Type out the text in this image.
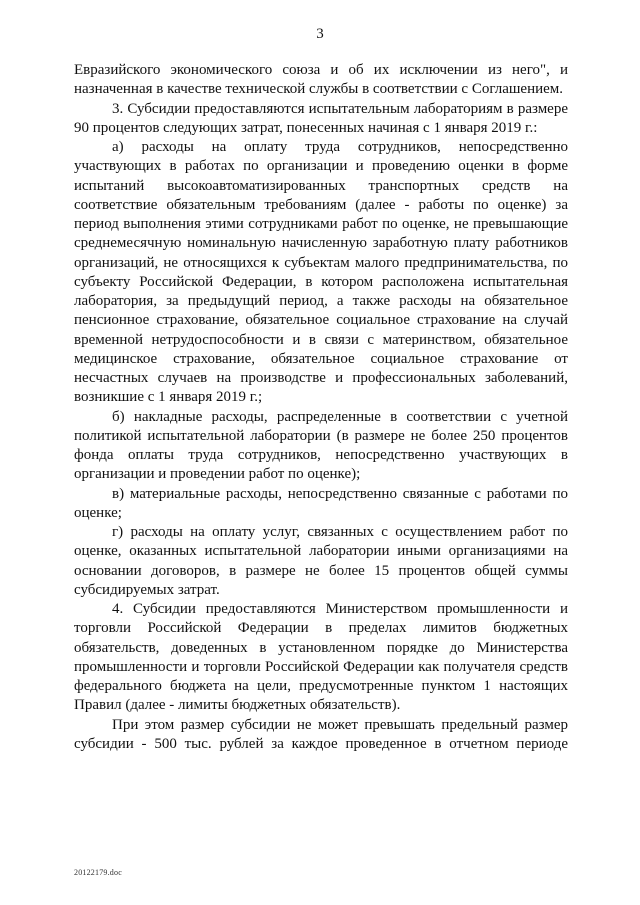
3

Евразийского экономического союза и об их исключении из него", и назначенная в качестве технической службы в соответствии с Соглашением.

3. Субсидии предоставляются испытательным лабораториям в размере 90 процентов следующих затрат, понесенных начиная с 1 января 2019 г.:

а) расходы на оплату труда сотрудников, непосредственно участвующих в работах по организации и проведению оценки в форме испытаний высокоавтоматизированных транспортных средств на соответствие обязательным требованиям (далее - работы по оценке) за период выполнения этими сотрудниками работ по оценке, не превышающие среднемесячную номинальную начисленную заработную плату работников организаций, не относящихся к субъектам малого предпринимательства, по субъекту Российской Федерации, в котором расположена испытательная лаборатория, за предыдущий период, а также расходы на обязательное пенсионное страхование, обязательное социальное страхование на случай временной нетрудоспособности и в связи с материнством, обязательное медицинское страхование, обязательное социальное страхование от несчастных случаев на производстве и профессиональных заболеваний, возникшие с 1 января 2019 г.;

б) накладные расходы, распределенные в соответствии с учетной политикой испытательной лаборатории (в размере не более 250 процентов фонда оплаты труда сотрудников, непосредственно участвующих в организации и проведении работ по оценке);

в) материальные расходы, непосредственно связанные с работами по оценке;

г) расходы на оплату услуг, связанных с осуществлением работ по оценке, оказанных испытательной лаборатории иными организациями на основании договоров, в размере не более 15 процентов общей суммы субсидируемых затрат.

4. Субсидии предоставляются Министерством промышленности и торговли Российской Федерации в пределах лимитов бюджетных обязательств, доведенных в установленном порядке до Министерства промышленности и торговли Российской Федерации как получателя средств федерального бюджета на цели, предусмотренные пунктом 1 настоящих Правил (далее - лимиты бюджетных обязательств).

При этом размер субсидии не может превышать предельный размер субсидии - 500 тыс. рублей за каждое проведенное в отчетном периоде

20122179.doc
